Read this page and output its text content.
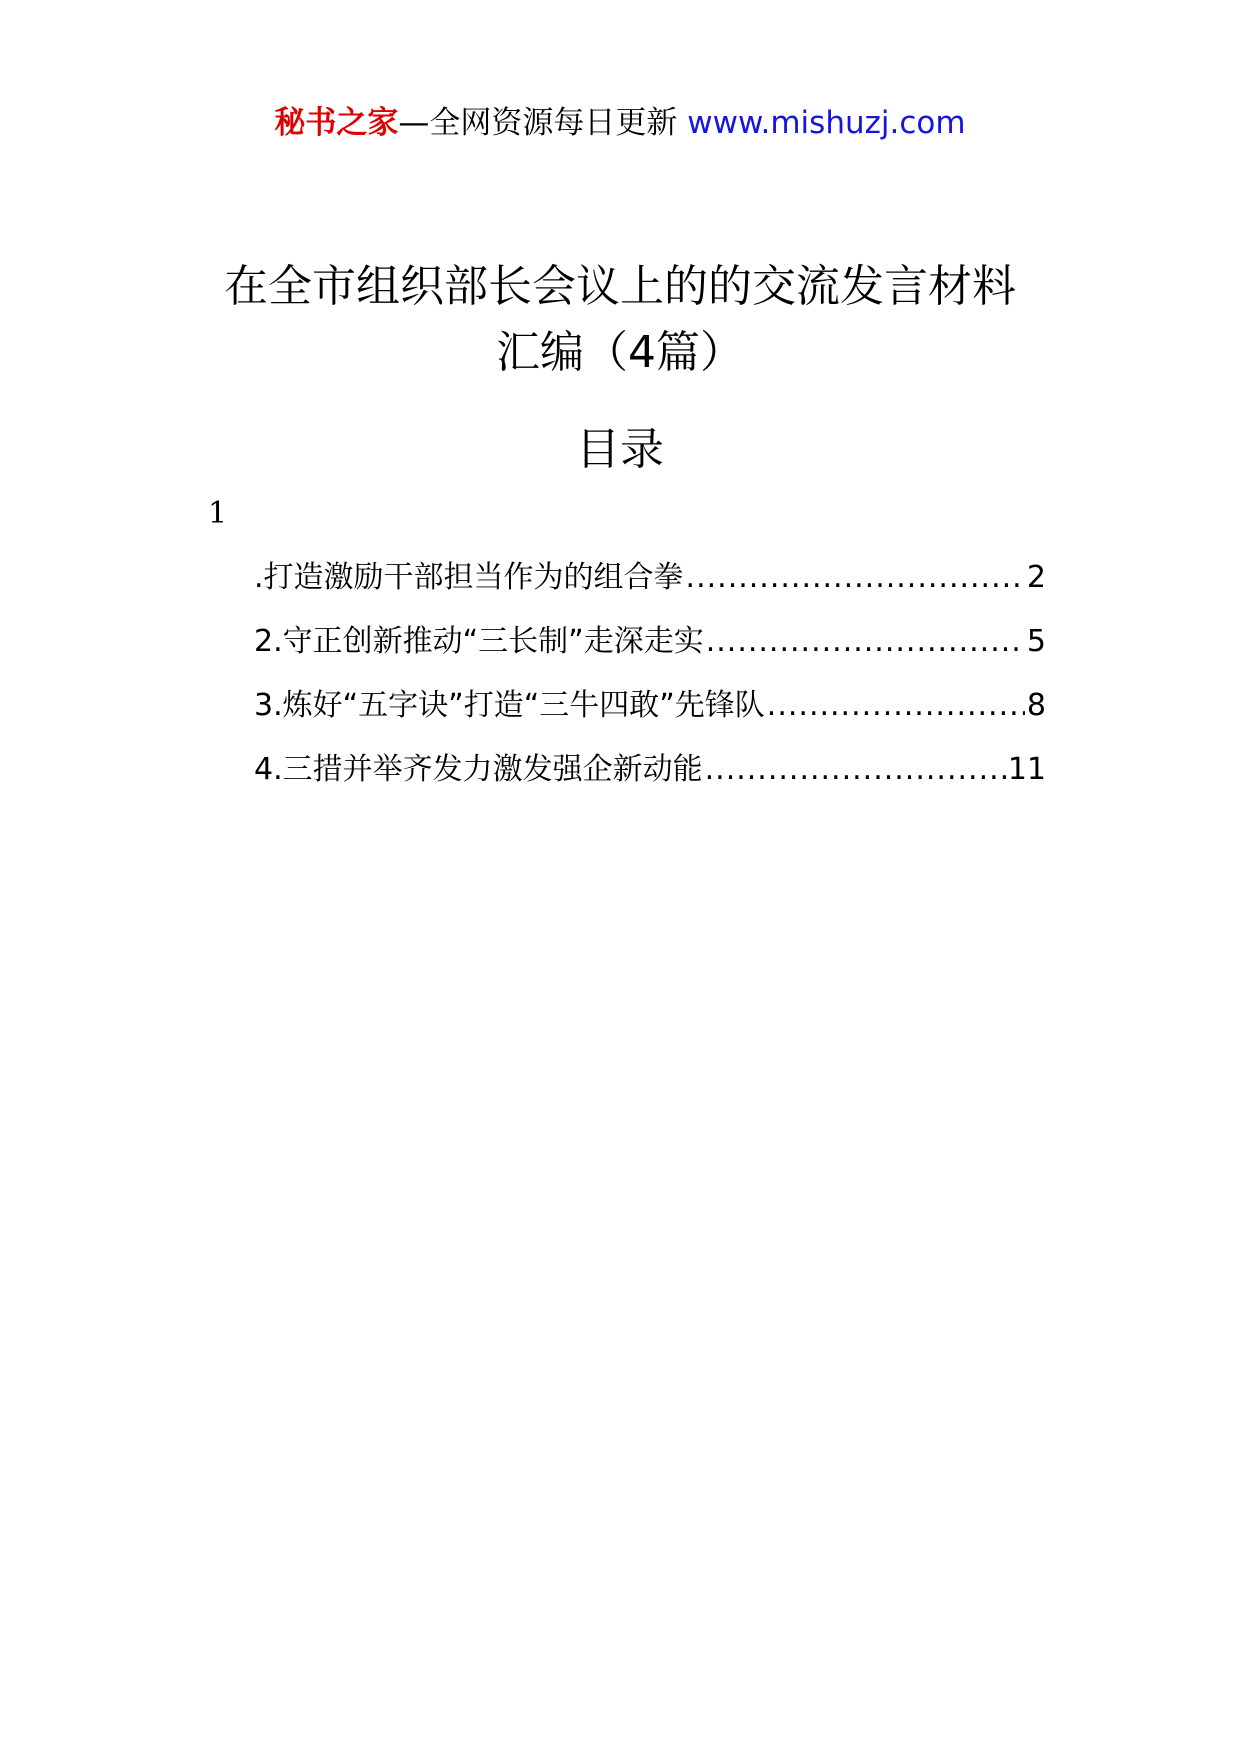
秘书之家—全网资源每日更新 www.mishuzj.com
在全市组织部长会议上的的交流发言材料
汇编（4篇）
目录
1
.打造激励干部担当作为的组合拳 .....	2
2.守正创新推动“三长制”走深走实 .....	5
3.炼好“五字诀”打造“三牛四敢”先锋队 .....	8
4.三措并举齐发力激发强企新动能 .....	11
